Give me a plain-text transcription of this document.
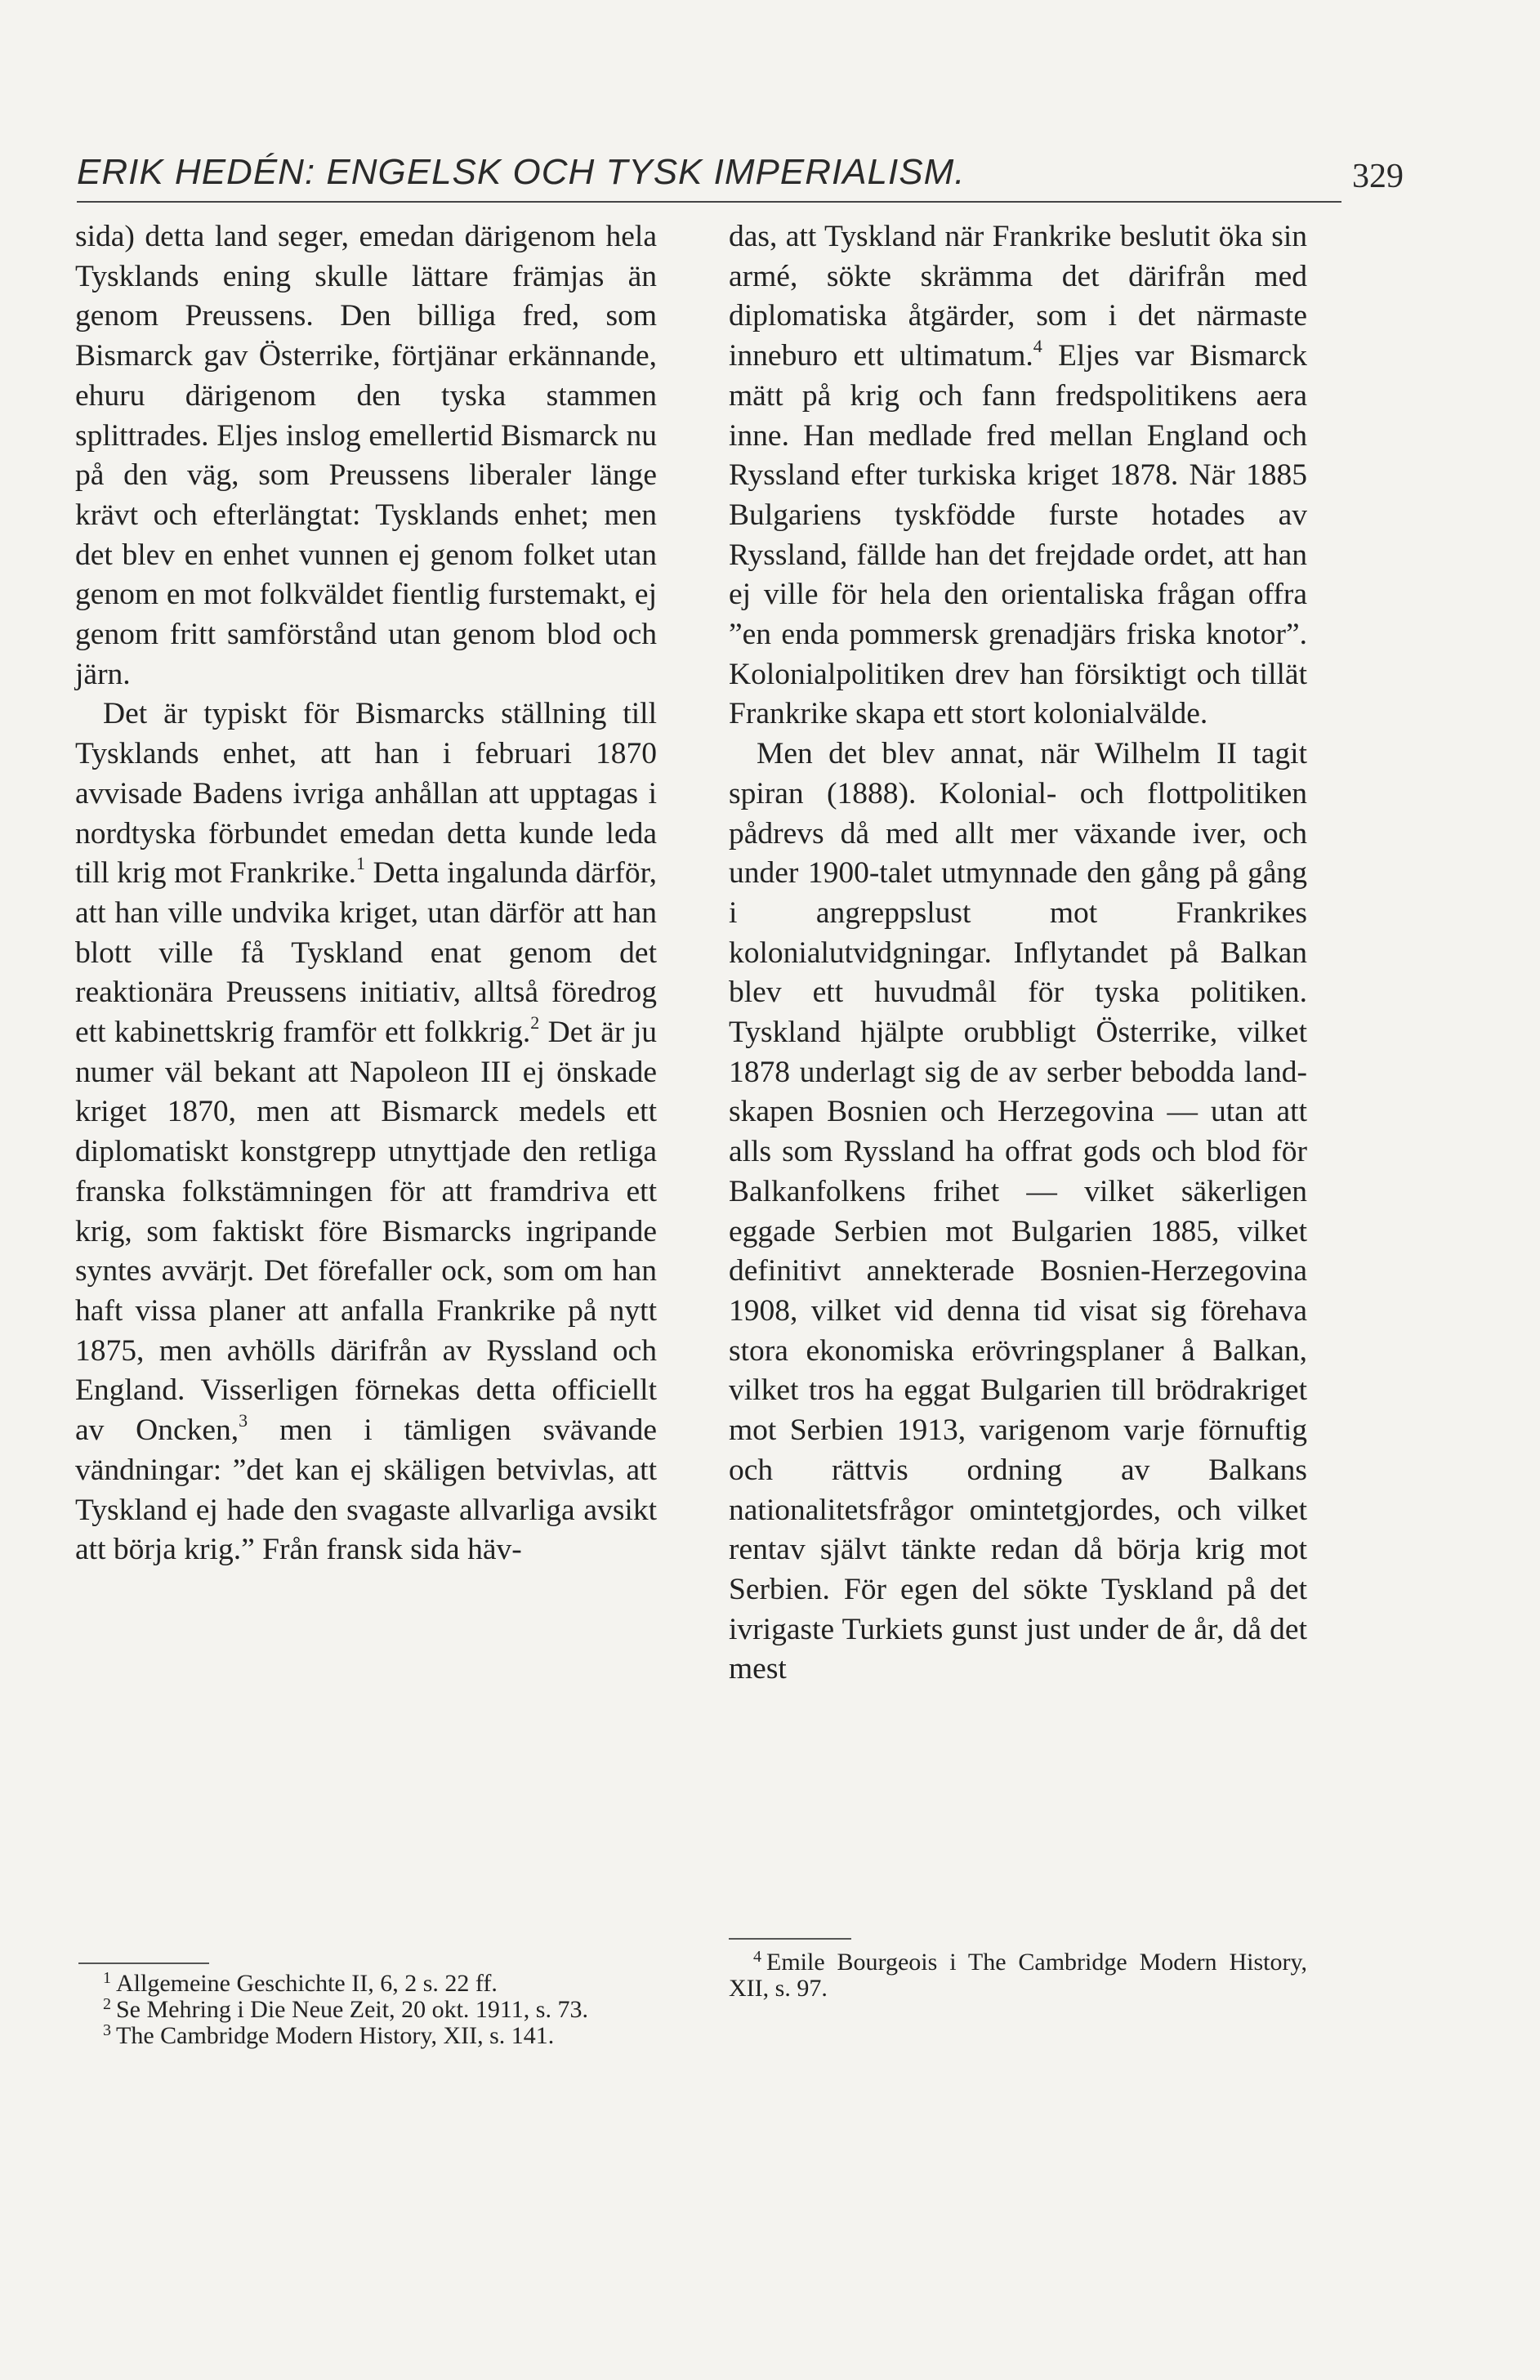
ERIK HEDÉN: ENGELSK OCH TYSK IMPERIALISM.	329

sida) detta land seger, emedan därigenom hela Tysklands ening skulle lättare främjas än genom Preussens. Den billiga fred, som Bismarck gav Österrike, förtjänar erkännande, ehuru därigenom den tyska stammen splittrades. Eljes inslog emellertid Bismarck nu på den väg, som Preussens liberaler länge krävt och efterlängtat: Tysklands enhet; men det blev en enhet vunnen ej genom folket utan genom en mot folkväldet fientlig furstemakt, ej genom fritt samförstånd utan genom blod och järn.

Det är typiskt för Bismarcks ställning till Tysklands enhet, att han i februari 1870 avvisade Badens ivriga anhållan att upptagas i nordtyska förbundet emedan detta kunde leda till krig mot Frankrike.$^1$ Detta ingalunda därför, att han ville undvika kriget, utan därför att han blott ville få Tyskland enat genom det reaktionära Preussens initiativ, alltså föredrog ett kabinettskrig framför ett folkkrig.$^2$ Det är ju numer väl bekant att Napoleon III ej önskade kriget 1870, men att Bismarck medels ett diplomatiskt konstgrepp utnyttjade den retliga franska folkstämningen för att framdriva ett krig, som faktiskt före Bismarcks ingripande syntes avvärjt. Det förefaller ock, som om han haft vissa planer att anfalla Frankrike på nytt 1875, men avhölls därifrån av Ryssland och England. Visserligen förnekas detta officiellt av Oncken,$^3$ men i tämligen svävande vändningar: ”det kan ej skäligen betvivlas, att Tyskland ej hade den svagaste allvarliga avsikt att börja krig.” Från fransk sida häv-

$^1$ Allgemeine Geschichte II, 6, 2 s. 22 ff.

$^2$ Se Mehring i Die Neue Zeit, 20 okt. 1911, s. 73.

$^3$ The Cambridge Modern History, XII, s. 141.

das, att Tyskland när Frankrike beslutit öka sin armé, sökte skrämma det därifrån med diplomatiska åtgärder, som i det närmaste inneburo ett ultimatum.$^4$ Eljes var Bismarck mätt på krig och fann fredspolitikens aera inne. Han medlade fred mellan England och Ryssland efter turkiska kriget 1878. När 1885 Bulgariens tyskfödde furste hotades av Ryssland, fällde han det frejdade ordet, att han ej ville för hela den orientaliska frågan offra ”en enda pommersk grenadjärs friska knotor”. Kolonialpolitiken drev han försiktigt och tillät Frankrike skapa ett stort kolonialvälde.

Men det blev annat, när Wilhelm II tagit spiran (1888). Kolonial- och flottpolitiken pådrevs då med allt mer växande iver, och under 1900-talet utmynnade den gång på gång i angreppslust mot Frankrikes kolonialutvidgningar. Inflytandet på Balkan blev ett huvudmål för tyska politiken. Tyskland hjälpte orubbligt Österrike, vilket 1878 underlagt sig de av serber bebodda landskapen Bosnien och Herzegovina — utan att alls som Ryssland ha offrat gods och blod för Balkanfolkens frihet — vilket säkerligen eggade Serbien mot Bulgarien 1885, vilket definitivt annekterade Bosnien-Herzegovina 1908, vilket vid denna tid visat sig förehava stora ekonomiska erövringsplaner å Balkan, vilket tros ha eggat Bulgarien till brödrakriget mot Serbien 1913, varigenom varje förnuftig och rättvis ordning av Balkans nationalitetsfrågor omintetgjordes, och vilket rentav självt tänkte redan då börja krig mot Serbien. För egen del sökte Tyskland på det ivrigaste Turkiets gunst just under de år, då det mest

$^4$ Emile Bourgeois i The Cambridge Modern History, XII, s. 97.
